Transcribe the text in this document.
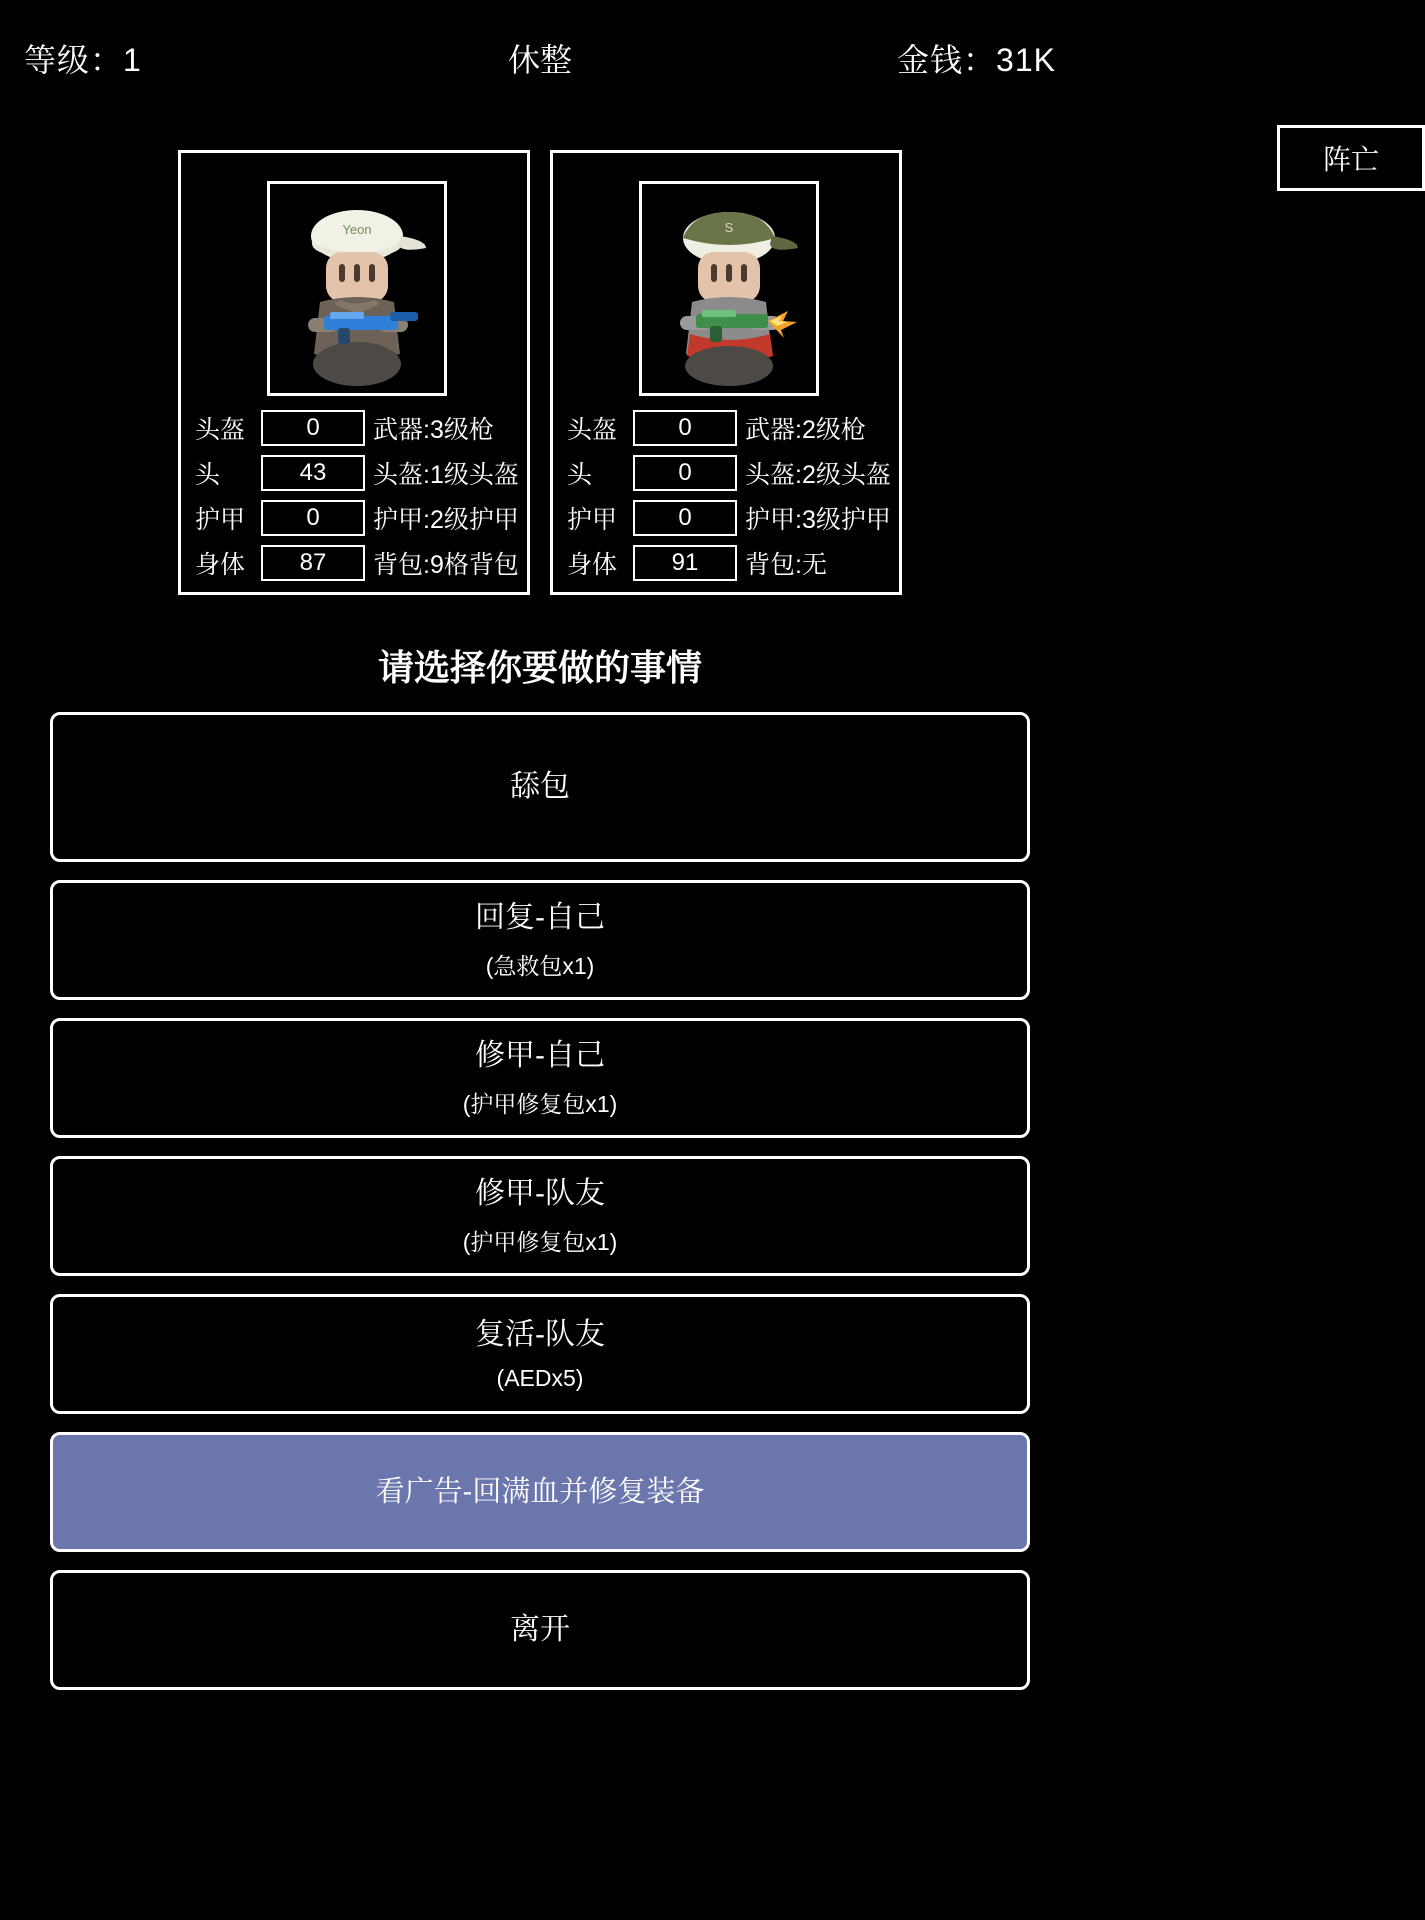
等级：1	休整	金钱：31K
Yeon
头盔	0	武器:3级枪
头	43	头盔:1级头盔
护甲	0	护甲:2级护甲
身体	87	背包:9格背包
S
头盔	0	武器:2级枪
头	0	头盔:2级头盔
护甲	0	护甲:3级护甲
身体	91	背包:无
阵亡
请选择你要做的事情
舔包
回复-自己
(急救包x1)
修甲-自己
(护甲修复包x1)
修甲-队友
(护甲修复包x1)
复活-队友
(AEDx5)
看广告-回满血并修复装备
离开
